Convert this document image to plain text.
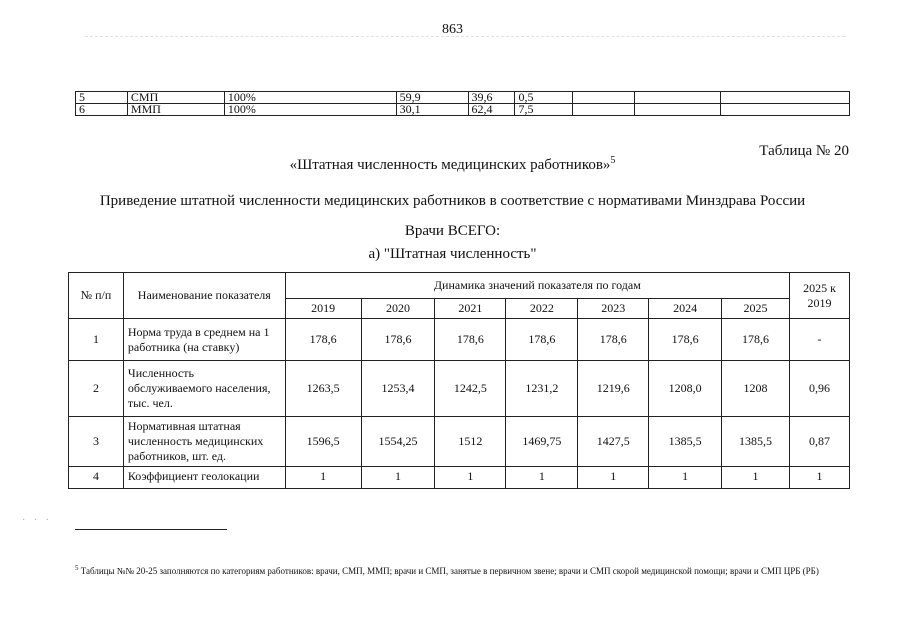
863
5	СМП	100%	59,9	39,6	0,5			
6	ММП	100%	30,1	62,4	7,5			
Таблица № 20
«Штатная численность медицинских работников»$^5$
Приведение штатной численности медицинских работников в соответствие с нормативами Минздрава России
Врачи ВСЕГО:
а) "Штатная численность"
№ п/п	Наименование показателя	Динамика значений показателя по годам							2025 к 2019
		2019	2020	2021	2022	2023	2024	2025	
1	Норма труда в среднем на 1 работника (на ставку)	178,6	178,6	178,6	178,6	178,6	178,6	178,6	-
2	Численность обслуживаемого населения, тыс. чел.	1263,5	1253,4	1242,5	1231,2	1219,6	1208,0	1208	0,96
3	Нормативная штатная численность медицинских работников, шт. ед.	1596,5	1554,25	1512	1469,75	1427,5	1385,5	1385,5	0,87
4	Коэффициент геолокации	1	1	1	1	1	1	1	1
· · ·
$^5$ Таблицы №№ 20-25 заполняются по категориям работников: врачи, СМП, ММП; врачи и СМП, занятые в первичном звене; врачи и СМП скорой медицинской помощи; врачи и СМП ЦРБ (РБ)
